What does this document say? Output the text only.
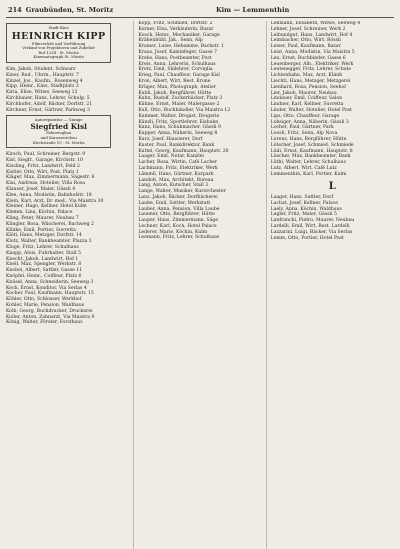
214 Graubünden, St. Moritz	Kim — Lemmenthin
Stadt-Kino
HEINRICH KIPP
Filmverleih und Vorführung
Verkauf von Projektoren und Zubehör
Ruf 1234 · St. Moritz
Kinematograph St. Moritz
Kim, Jakob, Student, Schwarz
Kiner, Rud., Uhrm., Hauptstr. 7
Kinzel, Jos., Kaufm., Rosenweg 4
Kipp, Heinr., Kino, Stadtplatz 2
Kiria, Elise, Witwe, Seeweg 12
Kirchbauer, Hans, Lehrer, Schulg. 5
Kirchhofer, Adolf, Bäcker, Dorfstr. 21
Kirchner, Ernst, Gärtner, Parkweg 3
Autoreparatur — Garage
Siegfried Kisl
Fahrzeugbau
und Karosseriebau
Kirchstraße 10 · St. Moritz
Kirsch, Paul, Schreiner, Bergstr. 9
Kisl, Siegfr., Garage, Kirchstr. 10
Kissling, Fritz, Landwirt, Feld 2
Kistler, Otto, Wirt, Post, Platz 1
Kläger, Max, Zimmermann, Sägestr. 6
Klai, Andreas, Hotelier, Villa Rosa
Klauser, Josef, Maler, Gässli 4
Klee, Anna, Modistin, Bahnhofstr. 18
Klein, Karl, Arzt, Dr. med., Via Maistra 30
Kleiner, Hugo, Kellner, Hotel Kulm
Klemm, Lina, Köchin, Palace
Kling, Peter, Maurer, Neubau 7
Klingler, Rosa, Wäscherei, Bachweg 2
Klinke, Emil, Portier, Suvretta
Klöti, Hans, Metzger, Dorfstr. 14
Klotz, Walter, Bankbeamter, Plazza 3
Kluge, Fritz, Lehrer, Schulhaus
Knapp, Alois, Fuhrhalter, Stall 5
Knecht, Jakob, Landwirt, Hof 1
Knell, Max, Spengler, Werkstr. 8
Knobel, Albert, Sattler, Gasse 11
Knöpfel, Heinr., Coiffeur, Platz 6
Knüsel, Anna, Schneiderin, Seeweg 3
Koch, Ernst, Konditor, Via Serlas 4
Kocher, Paul, Kaufmann, Hauptstr. 15
Köhler, Otto, Schlosser, Werkhof
Kohler, Marie, Pension, Waldhaus
Kolb, Georg, Buchdrucker, Druckerei
Koller, Anton, Zahnarzt, Via Maistra 9
König, Walter, Förster, Forsthaus
Kopp, Fritz, Schmied, Dorfstr. 2
Korner, Elsa, Verkäuferin, Bazar
Kosch, Heinr., Mechaniker, Garage
Krähenbühl, Jak., Senn, Alp
Kramer, Luise, Hebamme, Bachstr. 1
Kraus, Josef, Kaminfeger, Gasse 7
Krebs, Hans, Postbeamter, Post
Kreis, Anna, Lehrerin, Schulhaus
Kretz, Emil, Skilehrer, Corviglia
Krieg, Paul, Chauffeur, Garage Kisl
Kron, Albert, Wirt, Rest. Krone
Krüger, Max, Photograph, Atelier
Kubli, Jakob, Bergführer, Hütte
Kuhn, Rudolf, Zuckerbäcker, Platz 3
Kühne, Ernst, Maler, Malergasse 2
Kull, Otto, Buchhändler, Via Maistra 12
Kummer, Walter, Drogist, Drogerie
Künzli, Fritz, Sportlehrer, Eisbahn
Kunz, Hans, Schuhmacher, Gässli 9
Kupper, Anna, Näherin, Seeweg 8
Kurz, Josef, Hausierer, Dorf
Kuster, Paul, Bankdirektor, Bank
Kuttel, Georg, Kaufmann, Hauptstr. 20
Laager, Emil, Notar, Kanzlei
Lacher, Rosa, Wirtin, Café Lacher
Lachmann, Fritz, Elektriker, Werk
Lämmli, Hans, Gärtner, Kurpark
Landolt, Max, Architekt, Bureau
Lang, Anton, Kutscher, Stall 3
Lange, Walter, Musiker, Kurorchester
Lanz, Jakob, Bäcker, Dorfbäckerei
Laube, Emil, Sattler, Werkstatt
Lauber, Anna, Pension, Villa Laube
Lauener, Otto, Bergführer, Hütte
Lauper, Hans, Zimmermann, Säge
Lechner, Karl, Koch, Hotel Palace
Lederer, Marie, Köchin, Kulm
Leemann, Fritz, Lehrer, Schulhaus
Lehmann, Elisabeth, Witwe, Seeweg 4
Lehner, Josef, Schreiner, Werk 2
Leibundgut, Hans, Landwirt, Hof 4
Leimbacher, Otto, Wirt, Rössli
Leiser, Paul, Kaufmann, Bazar
Leist, Anna, Modistin, Via Maistra 5
Leu, Ernst, Buchbinder, Gasse 6
Leuenberger, Alb., Elektriker, Werk
Leutenegger, Fritz, Lehrer, Schule
Lichtenhahn, Max, Arzt, Klinik
Liechti, Hans, Metzger, Metzgerei
Lienhard, Rosa, Pension, Seehof
Lier, Jakob, Maurer, Neubau
Lindauer, Emil, Coiffeur, Salon
Lindner, Karl, Kellner, Suvretta
Linder, Walter, Hotelier, Hotel Post
Lips, Otto, Chauffeur, Garage
Lobsiger, Anna, Näherin, Gässli 3
Locher, Paul, Gärtner, Park
Loosli, Fritz, Senn, Alp Nova
Lorenz, Hans, Bergführer, Hütte
Lötscher, Josef, Schmied, Schmiede
Lüdi, Ernst, Kaufmann, Hauptstr. 8
Lüscher, Max, Bankbeamter, Bank
Lüthi, Walter, Lehrer, Schulhaus
Lutz, Albert, Wirt, Café Lutz
Lemmenthin, Karl, Portier, Kulm
L
Laager, Hans, Sattler, Dorf
Lachat, Josef, Kellner, Palace
Laely, Anna, Köchin, Waldhaus
Lagler, Fritz, Maler, Gässli 5
Lanfranchi, Pietro, Maurer, Neubau
Lardelli, Emil, Wirt, Rest. Lardelli
Lazzarini, Luigi, Bäcker, Via Serlas
Lemm, Otto, Portier, Hotel Post
